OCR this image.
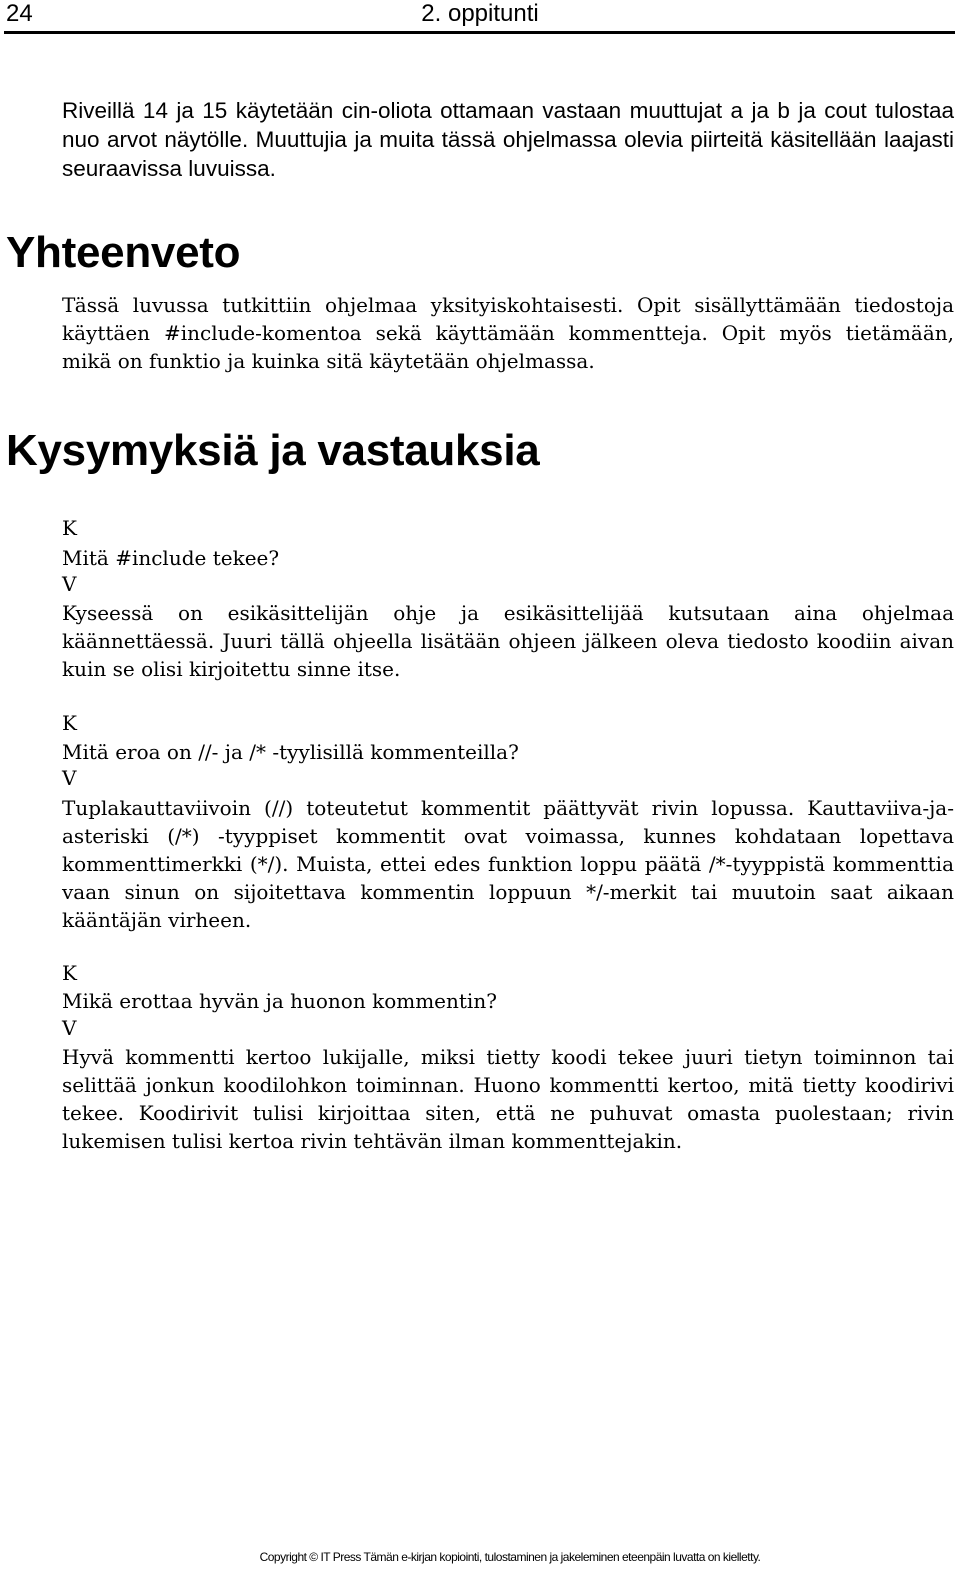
24	2. oppitunti

Riveillä 14 ja 15 käytetään cin-oliota ottamaan vastaan muuttujat a ja b ja cout tulostaa nuo arvot näytölle. Muuttujia ja muita tässä ohjelmassa olevia piirteitä käsitellään laajasti seuraavissa luvuissa.

Yhteenveto

Tässä luvussa tutkittiin ohjelmaa yksityiskohtaisesti. Opit sisällyttämään tiedostoja käyttäen #include-komentoa sekä käyttämään kommentteja. Opit myös tietämään, mikä on funktio ja kuinka sitä käytetään ohjelmassa.

Kysymyksiä ja vastauksia
K
Mitä #include tekee?
V

Kyseessä on esikäsittelijän ohje ja esikäsittelijää kutsutaan aina ohjelmaa käännettäessä. Juuri tällä ohjeella lisätään ohjeen jälkeen oleva tiedosto koodiin aivan kuin se olisi kirjoitettu sinne itse.

K
Mitä eroa on //- ja /* -tyylisillä kommenteilla?
V

Tuplakauttaviivoin (//) toteutetut kommentit päättyvät rivin lopussa. Kauttaviiva-ja-asteriski (/*) -tyyppiset kommentit ovat voimassa, kunnes kohdataan lopettava kommenttimerkki (*/). Muista, ettei edes funktion loppu päätä /*-tyyppistä kommenttia vaan sinun on sijoitettava kommentin loppuun */-merkit tai muutoin saat aikaan kääntäjän virheen.

K
Mikä erottaa hyvän ja huonon kommentin?
V

Hyvä kommentti kertoo lukijalle, miksi tietty koodi tekee juuri tietyn toiminnon tai selittää jonkun koodilohkon toiminnan. Huono kommentti kertoo, mitä tietty koodirivi tekee. Koodirivit tulisi kirjoittaa siten, että ne puhuvat omasta puolestaan; rivin lukemisen tulisi kertoa rivin tehtävän ilman kommenttejakin.

Copyright © IT Press Tämän e-kirjan kopiointi, tulostaminen ja jakeleminen eteenpäin luvatta on kielletty.
